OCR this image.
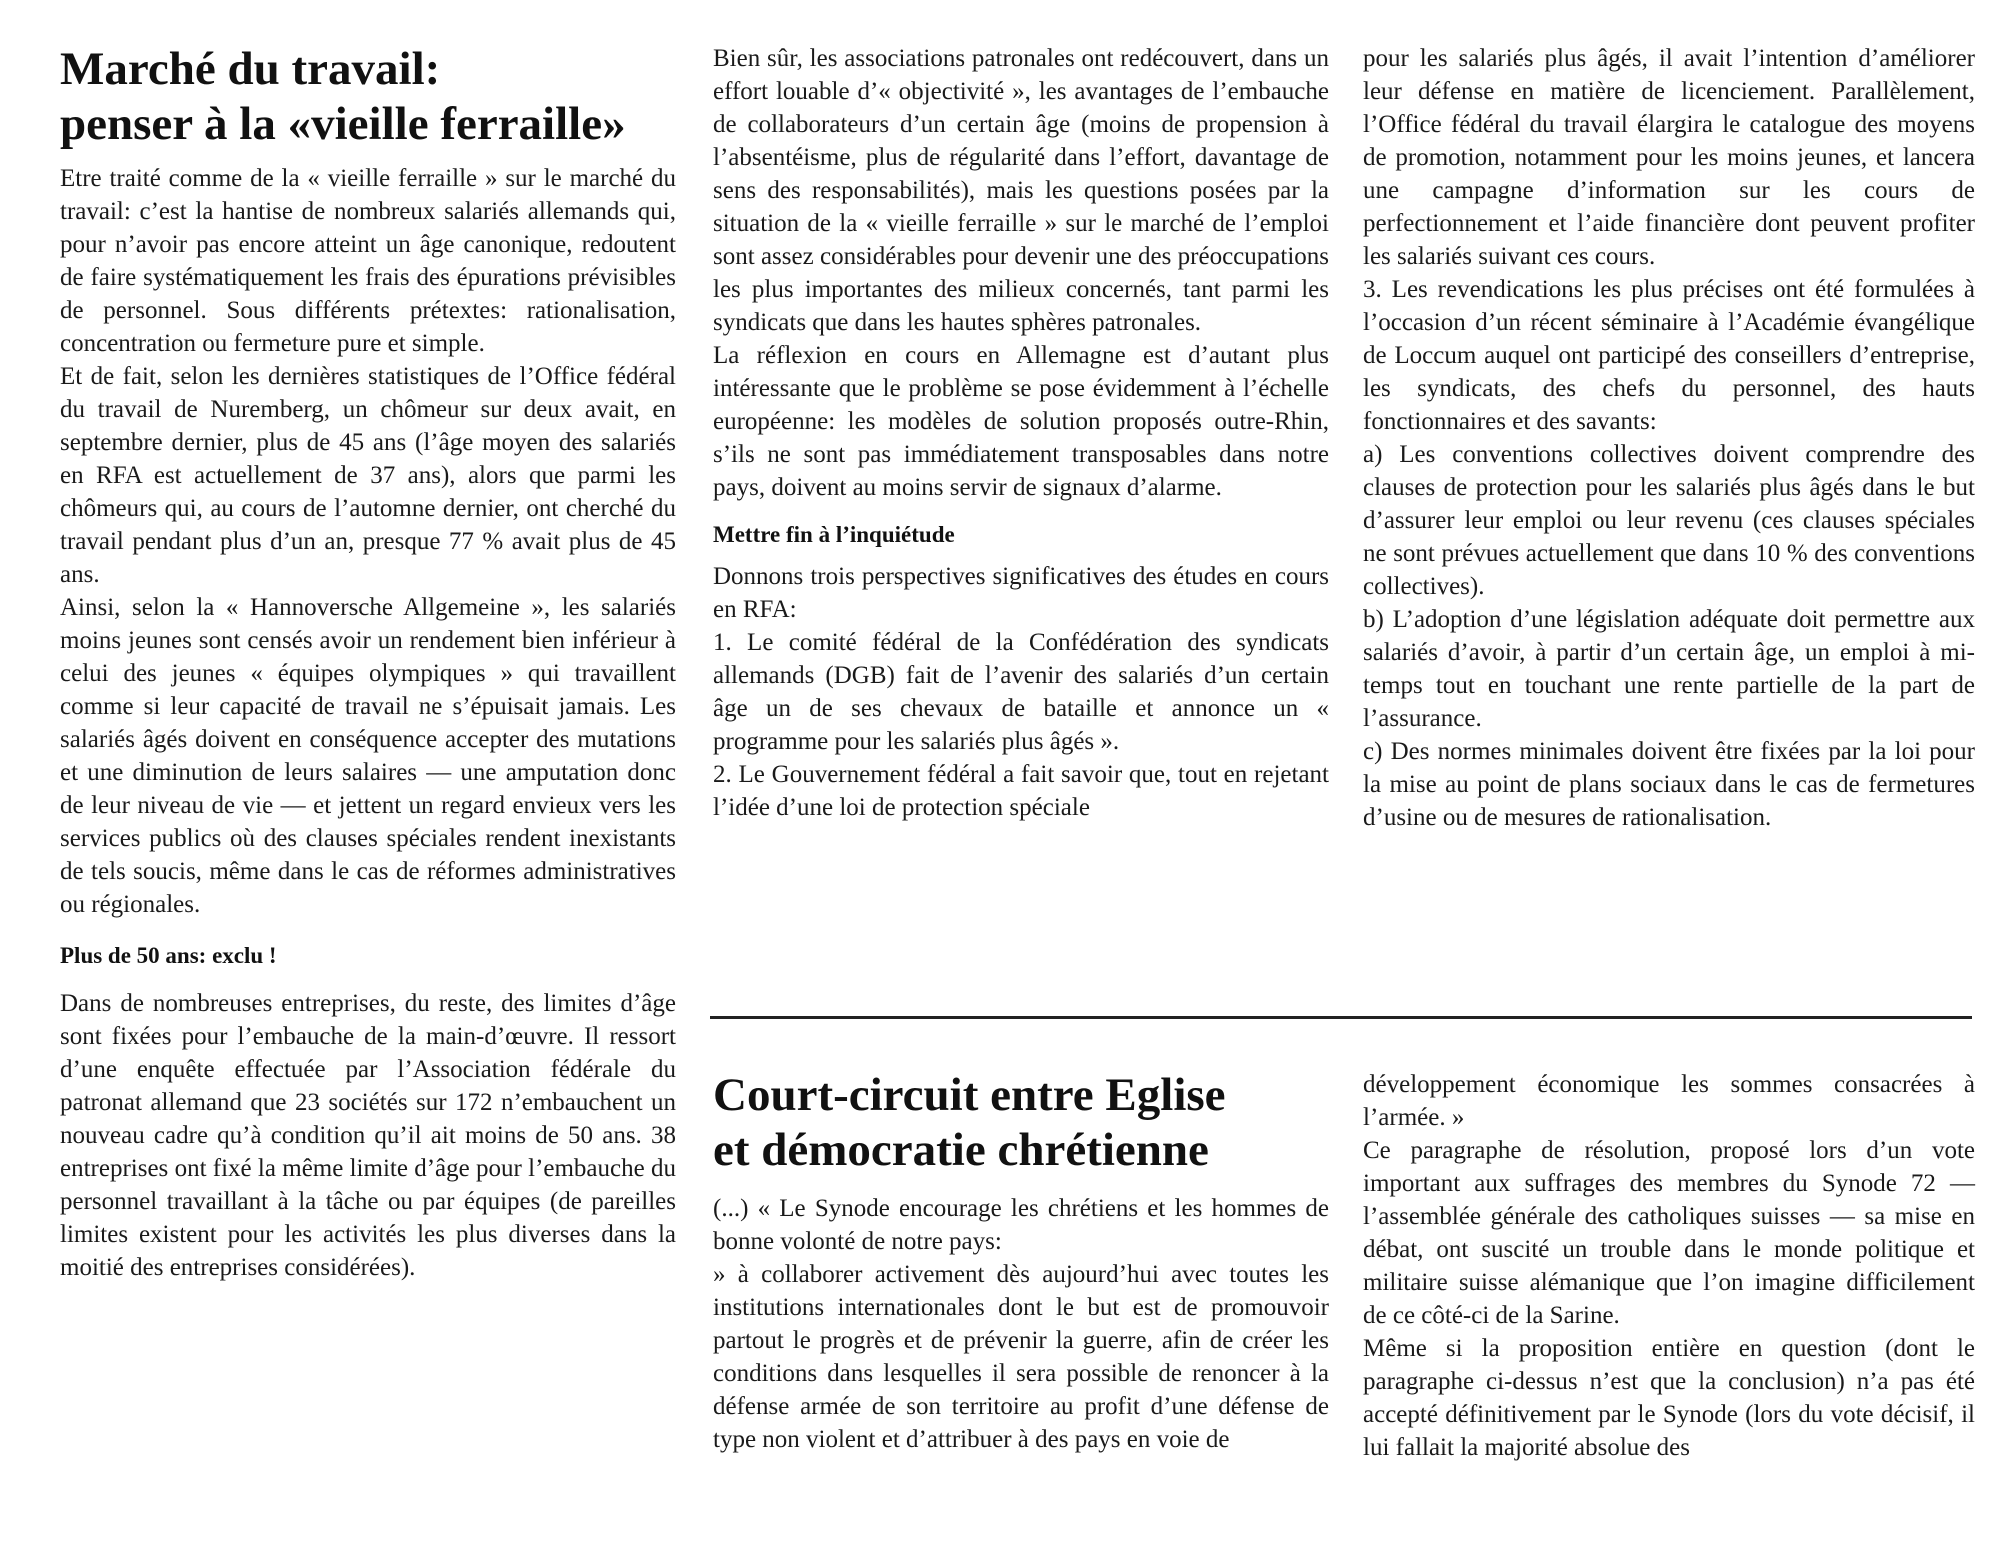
Marché du travail:
penser à la «vieille ferraille»

Etre traité comme de la « vieille ferraille » sur le marché du travail: c’est la hantise de nombreux salariés allemands qui, pour n’avoir pas encore atteint un âge canonique, redoutent de faire systématiquement les frais des épurations prévisibles de personnel. Sous différents prétextes: rationalisation, concentration ou fermeture pure et simple.

Et de fait, selon les dernières statistiques de l’Office fédéral du travail de Nuremberg, un chômeur sur deux avait, en septembre dernier, plus de 45 ans (l’âge moyen des salariés en RFA est actuellement de 37 ans), alors que parmi les chômeurs qui, au cours de l’automne dernier, ont cherché du travail pendant plus d’un an, presque 77 % avait plus de 45 ans.

Ainsi, selon la « Hannoversche Allgemeine », les salariés moins jeunes sont censés avoir un rendement bien inférieur à celui des jeunes « équipes olympiques » qui travaillent comme si leur capacité de travail ne s’épuisait jamais. Les salariés âgés doivent en conséquence accepter des mutations et une diminution de leurs salaires — une amputation donc de leur niveau de vie — et jettent un regard envieux vers les services publics où des clauses spéciales rendent inexistants de tels soucis, même dans le cas de réformes administratives ou régionales.

Plus de 50 ans: exclu !

Dans de nombreuses entreprises, du reste, des limites d’âge sont fixées pour l’embauche de la main-d’œuvre. Il ressort d’une enquête effectuée par l’Association fédérale du patronat allemand que 23 sociétés sur 172 n’embauchent un nouveau cadre qu’à condition qu’il ait moins de 50 ans. 38 entreprises ont fixé la même limite d’âge pour l’embauche du personnel travaillant à la tâche ou par équipes (de pareilles limites existent pour les activités les plus diverses dans la moitié des entreprises considérées).

Bien sûr, les associations patronales ont redécouvert, dans un effort louable d’« objectivité », les avantages de l’embauche de collaborateurs d’un certain âge (moins de propension à l’absentéisme, plus de régularité dans l’effort, davantage de sens des responsabilités), mais les questions posées par la situation de la « vieille ferraille » sur le marché de l’emploi sont assez considérables pour devenir une des préoccupations les plus importantes des milieux concernés, tant parmi les syndicats que dans les hautes sphères patronales.

La réflexion en cours en Allemagne est d’autant plus intéressante que le problème se pose évidemment à l’échelle européenne: les modèles de solution proposés outre-Rhin, s’ils ne sont pas immédiatement transposables dans notre pays, doivent au moins servir de signaux d’alarme.

Mettre fin à l’inquiétude

Donnons trois perspectives significatives des études en cours en RFA:

1. Le comité fédéral de la Confédération des syndicats allemands (DGB) fait de l’avenir des salariés d’un certain âge un de ses chevaux de bataille et annonce un « programme pour les salariés plus âgés ».

2. Le Gouvernement fédéral a fait savoir que, tout en rejetant l’idée d’une loi de protection spéciale

pour les salariés plus âgés, il avait l’intention d’améliorer leur défense en matière de licenciement. Parallèlement, l’Office fédéral du travail élargira le catalogue des moyens de promotion, notamment pour les moins jeunes, et lancera une campagne d’information sur les cours de perfectionnement et l’aide financière dont peuvent profiter les salariés suivant ces cours.

3. Les revendications les plus précises ont été formulées à l’occasion d’un récent séminaire à l’Académie évangélique de Loccum auquel ont participé des conseillers d’entreprise, les syndicats, des chefs du personnel, des hauts fonctionnaires et des savants:

a) Les conventions collectives doivent comprendre des clauses de protection pour les salariés plus âgés dans le but d’assurer leur emploi ou leur revenu (ces clauses spéciales ne sont prévues actuellement que dans 10 % des conventions collectives).

b) L’adoption d’une législation adéquate doit permettre aux salariés d’avoir, à partir d’un certain âge, un emploi à mi-temps tout en touchant une rente partielle de la part de l’assurance.

c) Des normes minimales doivent être fixées par la loi pour la mise au point de plans sociaux dans le cas de fermetures d’usine ou de mesures de rationalisation.

Court-circuit entre Eglise
et démocratie chrétienne

(...) « Le Synode encourage les chrétiens et les hommes de bonne volonté de notre pays:

» à collaborer activement dès aujourd’hui avec toutes les institutions internationales dont le but est de promouvoir partout le progrès et de prévenir la guerre, afin de créer les conditions dans lesquelles il sera possible de renoncer à la défense armée de son territoire au profit d’une défense de type non violent et d’attribuer à des pays en voie de

développement économique les sommes consacrées à l’armée. »

Ce paragraphe de résolution, proposé lors d’un vote important aux suffrages des membres du Synode 72 — l’assemblée générale des catholiques suisses — sa mise en débat, ont suscité un trouble dans le monde politique et militaire suisse alémanique que l’on imagine difficilement de ce côté-ci de la Sarine.

Même si la proposition entière en question (dont le paragraphe ci-dessus n’est que la conclusion) n’a pas été accepté définitivement par le Synode (lors du vote décisif, il lui fallait la majorité absolue des
